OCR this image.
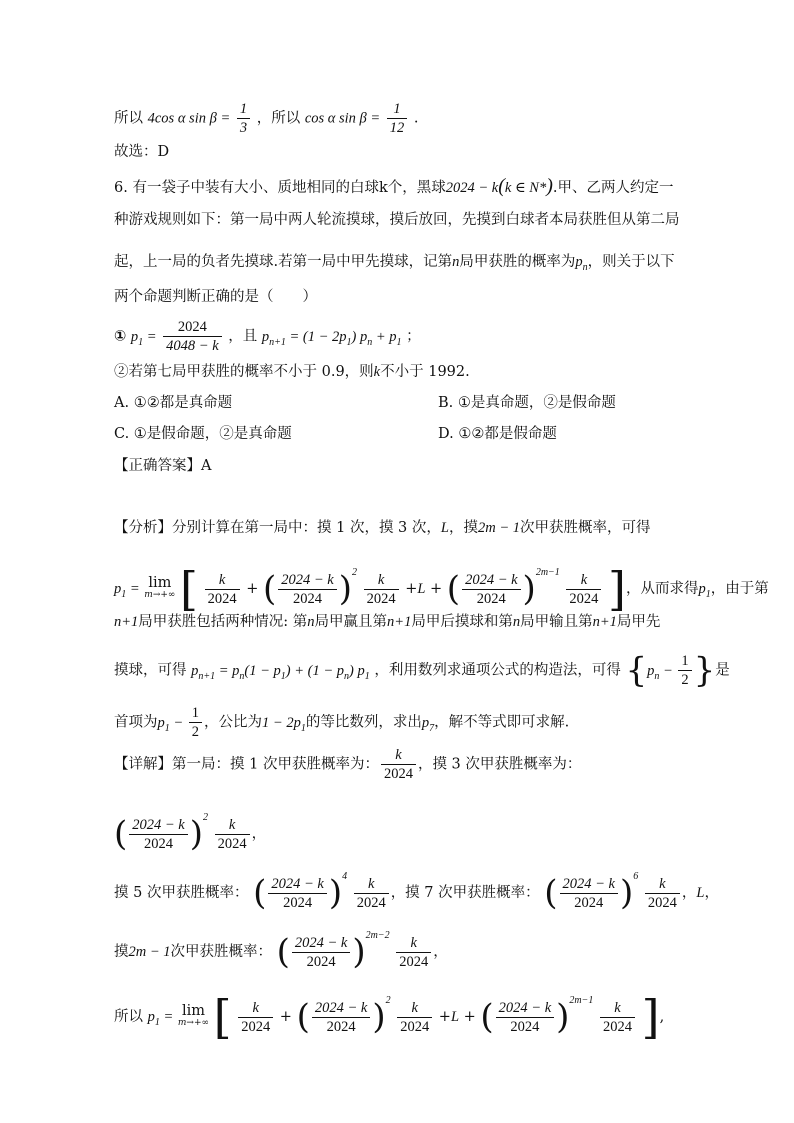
所以 4cos α $\sin \beta = \frac{1}{3}$ ，所以 cos α $\sin \beta = \frac{1}{12}$ .
故选：D
6. 有一袋子中装有大小、质地相同的白球k个，黑球2024 − k(k ∈ N*).甲、乙两人约定一
种游戏规则如下：第一局中两人轮流摸球，摸后放回，先摸到白球者本局获胜但从第二局
起，上一局的负者先摸球.若第一局中甲先摸球，记第n局甲获胜的概率为$p_n$，则关于以下
两个命题判断正确的是（　　）
① $p_1 = \frac{2024}{4048 - k}$ ，且 $p_{n+1} = (1 - 2p_1) p_n + p_1$ ；
②若第七局甲获胜的概率不小于 0.9，则k不小于 1992.
A. ①②都是真命题	B. ①是真命题，②是假命题
C. ①是假命题，②是真命题	D. ①②都是假命题
【正确答案】A
【分析】分别计算在第一局中：摸 1 次，摸 3 次，L，摸2m − 1次甲获胜概率，可得
$p_1 = \lim$
m→+∞ [ $\frac{k}{2024}$ + ( $\frac{2024 - k}{2024} )^2 \frac{k}{2024} +L$ + ( $\frac{2024 - k}{2024} )^{2m-1} \frac{k}{2024}$ ]，从而求得$p_1$，由于第
n+1局甲获胜包括两种情况: 第n局甲赢且第n+1局甲后摸球和第n局甲输且第n+1局甲先
摸球，可得 $p_{n+1} = p_n(1 - p_1) + (1 - p_n)$ $p_1$ ，利用数列求通项公式的构造法，可得 {$p_n - \frac{1}{2}$ }是
首项为$p_1 - \frac{1}{2}$ ，公比为$1 - 2p_1$的等比数列，求出$p_7$，解不等式即可求解.
【详解】第一局：摸 1 次甲获胜概率为： $\frac{k}{2024}$ ，摸 3 次甲获胜概率为：
( $\frac{2024 - k}{2024} )^2 \frac{k}{2024}$ ，
摸 5 次甲获胜概率： ( $\frac{2024 - k}{2024} )^4 \frac{k}{2024}$ ，摸 7 次甲获胜概率： ( $\frac{2024 - k}{2024} )^6 \frac{k}{2024}$ ，L，
摸2m − 1次甲获胜概率： ( $\frac{2024 - k}{2024} )^{2m-2} \frac{k}{2024}$ ，
所以 $p_1 = \lim$
m→+∞ [ $\frac{k}{2024}$ + ( $\frac{2024 - k}{2024} )^2 \frac{k}{2024} +L$ + ( $\frac{2024 - k}{2024} )^{2m-1} \frac{k}{2024}$ ],
